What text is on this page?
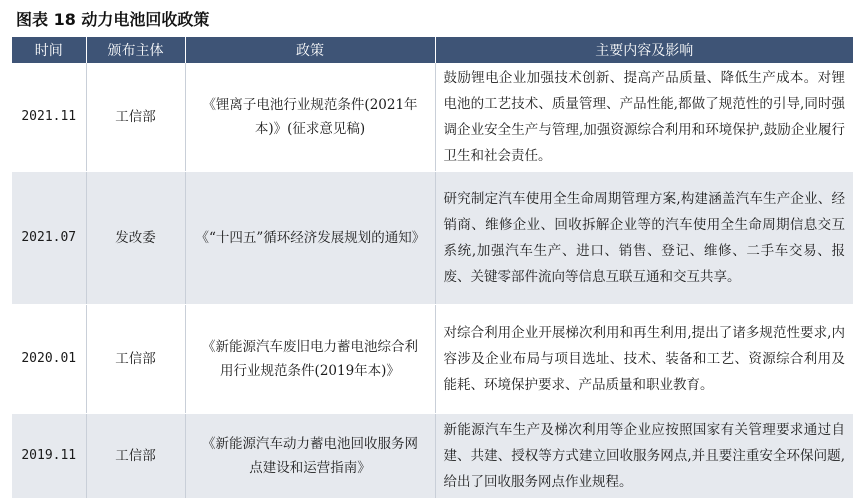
图表 18 动力电池回收政策
时间	颁布主体	政策	主要内容及影响
2021.11	工信部	《锂离子电池行业规范条件(2021年本)》(征求意见稿)	鼓励锂电企业加强技术创新、提高产品质量、降低生产成本。对锂电池的工艺技术、质量管理、产品性能,都做了规范性的引导,同时强调企业安全生产与管理,加强资源综合利用和环境保护,鼓励企业履行卫生和社会责任。
2021.07	发改委	《“十四五”循环经济发展规划的通知》	研究制定汽车使用全生命周期管理方案,构建涵盖汽车生产企业、经销商、维修企业、回收拆解企业等的汽车使用全生命周期信息交互系统,加强汽车生产、进口、销售、登记、维修、二手车交易、报废、关键零部件流向等信息互联互通和交互共享。
2020.01	工信部	《新能源汽车废旧电力蓄电池综合利用行业规范条件(2019年本)》	对综合利用企业开展梯次利用和再生利用,提出了诸多规范性要求,内容涉及企业布局与项目选址、技术、装备和工艺、资源综合利用及能耗、环境保护要求、产品质量和职业教育。
2019.11	工信部	《新能源汽车动力蓄电池回收服务网点建设和运营指南》	新能源汽车生产及梯次利用等企业应按照国家有关管理要求通过自建、共建、授权等方式建立回收服务网点,并且要注重安全环保问题,给出了回收服务网点作业规程。
